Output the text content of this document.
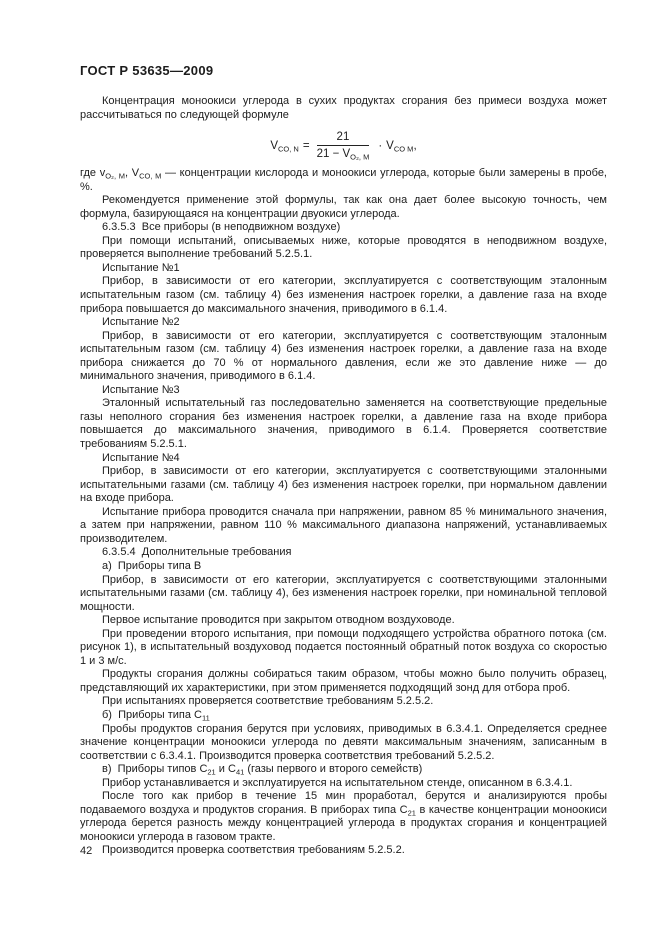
ГОСТ Р 53635—2009

Концентрация моноокиси углерода в сухих продуктах сгорания без примеси воздуха может рассчитываться по следующей формуле

$V_{CO, N} = \frac{21}{21 - V_{O_2, M}} \cdot V_{CO M}$,

где $v_{O_2, M}$, $V_{CO, M}$ — концентрации кислорода и моноокиси углерода, которые были замерены в пробе, %.

Рекомендуется применение этой формулы, так как она дает более высокую точность, чем формула, базирующаяся на концентрации двуокиси углерода.

6.3.5.3  Все приборы (в неподвижном воздухе)

При помощи испытаний, описываемых ниже, которые проводятся в неподвижном воздухе, проверяется выполнение требований 5.2.5.1.

Испытание №1

Прибор, в зависимости от его категории, эксплуатируется с соответствующим эталонным испытательным газом (см. таблицу 4) без изменения настроек горелки, а давление газа на входе прибора повышается до максимального значения, приводимого в 6.1.4.

Испытание №2

Прибор, в зависимости от его категории, эксплуатируется с соответствующим эталонным испытательным газом (см. таблицу 4) без изменения настроек горелки, а давление газа на входе прибора снижается до 70 % от нормального давления, если же это давление ниже — до минимального значения, приводимого в 6.1.4.

Испытание №3

Эталонный испытательный газ последовательно заменяется на соответствующие предельные газы неполного сгорания без изменения настроек горелки, а давление газа на входе прибора повышается до максимального значения, приводимого в 6.1.4. Проверяется соответствие требованиям 5.2.5.1.

Испытание №4

Прибор, в зависимости от его категории, эксплуатируется с соответствующими эталонными испытательными газами (см. таблицу 4) без изменения настроек горелки, при нормальном давлении на входе прибора.

Испытание прибора проводится сначала при напряжении, равном 85 % минимального значения, а затем при напряжении, равном 110 % максимального диапазона напряжений, устанавливаемых производителем.

6.3.5.4  Дополнительные требования

а)  Приборы типа B

Прибор, в зависимости от его категории, эксплуатируется с соответствующими эталонными испытательными газами (см. таблицу 4), без изменения настроек горелки, при номинальной тепловой мощности.

Первое испытание проводится при закрытом отводном воздуховоде.

При проведении второго испытания, при помощи подходящего устройства обратного потока (см. рисунок 1), в испытательный воздуховод подается постоянный обратный поток воздуха со скоростью 1 и 3 м/с.

Продукты сгорания должны собираться таким образом, чтобы можно было получить образец, представляющий их характеристики, при этом применяется подходящий зонд для отбора проб.

При испытаниях проверяется соответствие требованиям 5.2.5.2.

б)  Приборы типа $С_{11}$

Пробы продуктов сгорания берутся при условиях, приводимых в 6.3.4.1. Определяется среднее значение концентрации моноокиси углерода по девяти максимальным значениям, записанным в соответствии с 6.3.4.1. Производится проверка соответствия требований 5.2.5.2.

в)  Приборы типов $С_{21}$ и $С_{41}$ (газы первого и второго семейств)

Прибор устанавливается и эксплуатируется на испытательном стенде, описанном в 6.3.4.1.

После того как прибор в течение 15 мин проработал, берутся и анализируются пробы подаваемого воздуха и продуктов сгорания. В приборах типа $С_{21}$ в качестве концентрации моноокиси углерода берется разность между концентрацией углерода в продуктах сгорания и концентрацией моноокиси углерода в газовом тракте.

Производится проверка соответствия требованиям 5.2.5.2.

42
